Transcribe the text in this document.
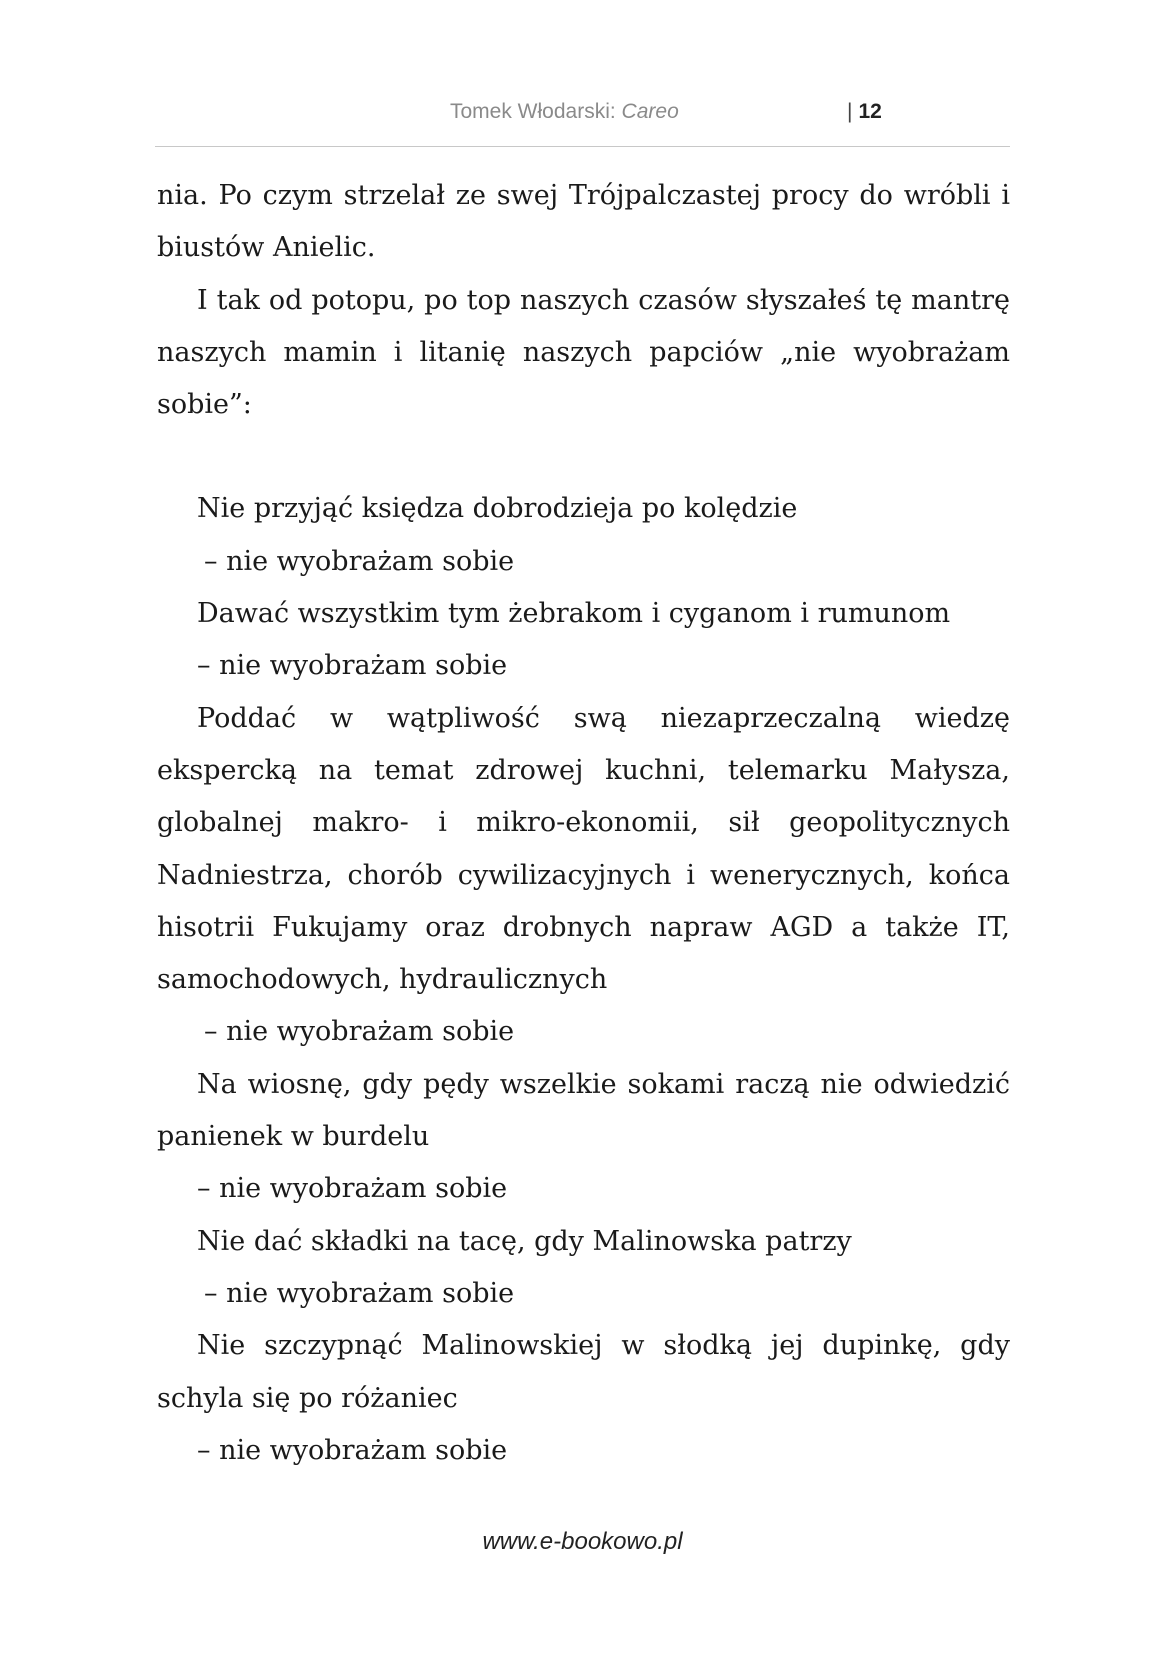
Tomek Włodarski: Careo	| 12

nia. Po czym strzelał ze swej Trójpalczastej procy do wróbli i biustów Anielic.

I tak od potopu, po top naszych czasów słyszałeś tę mantrę naszych mamin i litanię naszych papciów „nie wyobrażam sobie”:

Nie przyjąć księdza dobrodzieja po kolędzie

– nie wyobrażam sobie

Dawać wszystkim tym żebrakom i cyganom i rumunom

– nie wyobrażam sobie

Poddać w wątpliwość swą niezaprzeczalną wiedzę ekspercką na temat zdrowej kuchni, telemarku Małysza, globalnej makro- i mikro-ekonomii, sił geopolitycznych Nadniestrza, chorób cywilizacyjnych i wenerycznych, końca hisotrii Fukujamy oraz drobnych napraw AGD a także IT, samochodowych, hydraulicznych

– nie wyobrażam sobie

Na wiosnę, gdy pędy wszelkie sokami raczą nie odwiedzić panienek w burdelu

– nie wyobrażam sobie

Nie dać składki na tacę, gdy Malinowska patrzy

– nie wyobrażam sobie

Nie szczypnąć Malinowskiej w słodką jej dupinkę, gdy schyla się po różaniec

– nie wyobrażam sobie

www.e-bookowo.pl
